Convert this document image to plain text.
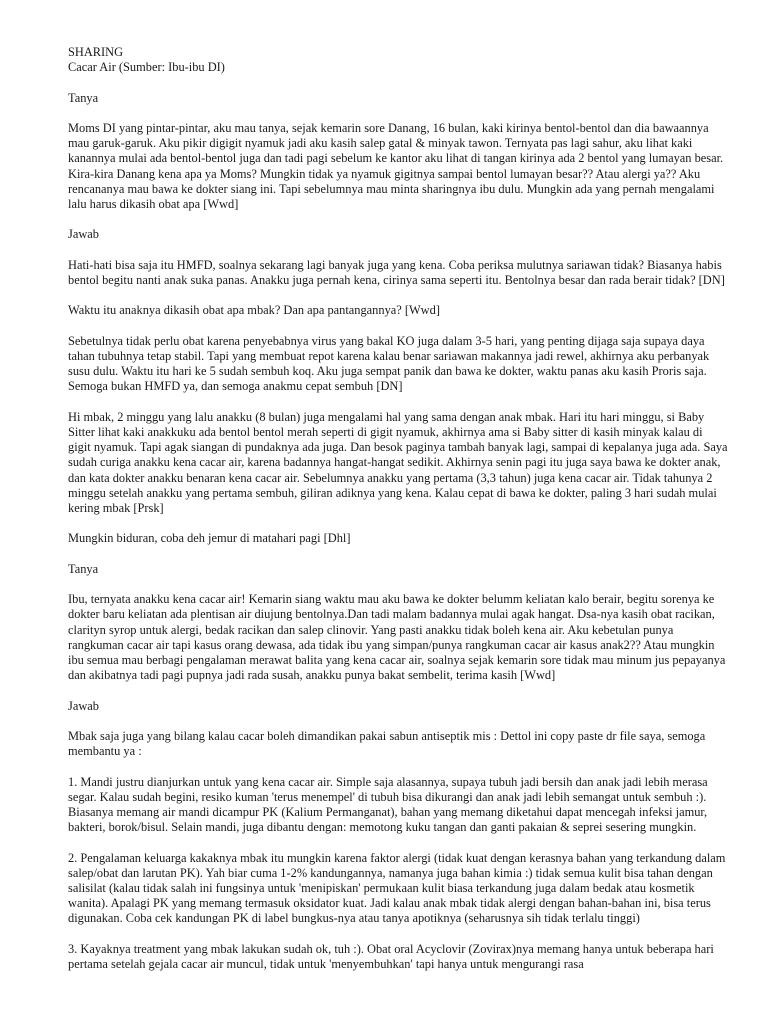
SHARING

Cacar Air (Sumber: Ibu-ibu DI)

Tanya

Moms DI yang pintar-pintar, aku mau tanya, sejak kemarin sore Danang, 16 bulan, kaki kirinya bentol-bentol dan dia bawaannya mau garuk-garuk. Aku pikir digigit nyamuk jadi aku kasih salep gatal & minyak tawon. Ternyata pas lagi sahur, aku lihat kaki kanannya mulai ada bentol-bentol juga dan tadi pagi sebelum ke kantor aku lihat di tangan kirinya ada 2 bentol yang lumayan besar. Kira-kira Danang kena apa ya Moms? Mungkin tidak ya nyamuk gigitnya sampai bentol lumayan besar?? Atau alergi ya?? Aku rencananya mau bawa ke dokter siang ini. Tapi sebelumnya mau minta sharingnya ibu dulu. Mungkin ada yang pernah mengalami lalu harus dikasih obat apa [Wwd]

Jawab

Hati-hati bisa saja itu HMFD, soalnya sekarang lagi banyak juga yang kena. Coba periksa mulutnya sariawan tidak? Biasanya habis bentol begitu nanti anak suka panas. Anakku juga pernah kena, cirinya sama seperti itu. Bentolnya besar dan rada berair tidak? [DN]

Waktu itu anaknya dikasih obat apa mbak? Dan apa pantangannya? [Wwd]

Sebetulnya tidak perlu obat karena penyebabnya virus yang bakal KO juga dalam 3-5 hari, yang penting dijaga saja supaya daya tahan tubuhnya tetap stabil. Tapi yang membuat repot karena kalau benar sariawan makannya jadi rewel, akhirnya aku perbanyak susu dulu. Waktu itu hari ke 5 sudah sembuh koq. Aku juga sempat panik dan bawa ke dokter, waktu panas aku kasih Proris saja. Semoga bukan HMFD ya, dan semoga anakmu cepat sembuh [DN]

Hi mbak, 2 minggu yang lalu anakku (8 bulan) juga mengalami hal yang sama dengan anak mbak. Hari itu hari minggu, si Baby Sitter lihat kaki anakkuku ada bentol bentol merah seperti di gigit nyamuk, akhirnya ama si Baby sitter di kasih minyak kalau di gigit nyamuk. Tapi agak siangan di pundaknya ada juga. Dan besok paginya tambah banyak lagi, sampai di kepalanya juga ada. Saya sudah curiga anakku kena cacar air, karena badannya hangat-hangat sedikit. Akhirnya senin pagi itu juga saya bawa ke dokter anak, dan kata dokter anakku benaran kena cacar air. Sebelumnya anakku yang pertama (3,3 tahun) juga kena cacar air. Tidak tahunya 2 minggu setelah anakku yang pertama sembuh, giliran adiknya yang kena. Kalau cepat di bawa ke dokter, paling 3 hari sudah mulai kering mbak [Prsk]

Mungkin biduran, coba deh jemur di matahari pagi [Dhl]

Tanya

Ibu, ternyata anakku kena cacar air! Kemarin siang waktu mau aku bawa ke dokter belumm keliatan kalo berair, begitu sorenya ke dokter baru keliatan ada plentisan air diujung bentolnya.Dan tadi malam badannya mulai agak hangat. Dsa-nya kasih obat racikan, clarityn syrop untuk alergi, bedak racikan dan salep clinovir. Yang pasti anakku tidak boleh kena air. Aku kebetulan punya rangkuman cacar air tapi kasus orang dewasa, ada tidak ibu yang simpan/punya rangkuman cacar air kasus anak2?? Atau mungkin ibu semua mau berbagi pengalaman merawat balita yang kena cacar air, soalnya sejak kemarin sore tidak mau minum jus pepayanya dan akibatnya tadi pagi pupnya jadi rada susah, anakku punya bakat sembelit, terima kasih [Wwd]

Jawab

Mbak saja juga yang bilang kalau cacar boleh dimandikan pakai sabun antiseptik mis : Dettol ini copy paste dr file saya, semoga membantu ya :

1. Mandi justru dianjurkan untuk yang kena cacar air. Simple saja alasannya, supaya tubuh jadi bersih dan anak jadi lebih merasa segar. Kalau sudah begini, resiko kuman 'terus menempel' di tubuh bisa dikurangi dan anak jadi lebih semangat untuk sembuh :). Biasanya memang air mandi dicampur PK (Kalium Permanganat), bahan yang memang diketahui dapat mencegah infeksi jamur, bakteri, borok/bisul. Selain mandi, juga dibantu dengan: memotong kuku tangan dan ganti pakaian & seprei sesering mungkin.

2. Pengalaman keluarga kakaknya mbak itu mungkin karena faktor alergi (tidak kuat dengan kerasnya bahan yang terkandung dalam salep/obat dan larutan PK). Yah biar cuma 1-2% kandungannya, namanya juga bahan kimia :) tidak semua kulit bisa tahan dengan salisilat (kalau tidak salah ini fungsinya untuk 'menipiskan' permukaan kulit biasa terkandung juga dalam bedak atau kosmetik wanita). Apalagi PK yang memang termasuk oksidator kuat. Jadi kalau anak mbak tidak alergi dengan bahan-bahan ini, bisa terus digunakan. Coba cek kandungan PK di label bungkus-nya atau tanya apotiknya (seharusnya sih tidak terlalu tinggi)

3. Kayaknya treatment yang mbak lakukan sudah ok, tuh :). Obat oral Acyclovir (Zovirax)nya memang hanya untuk beberapa hari pertama setelah gejala cacar air muncul, tidak untuk 'menyembuhkan' tapi hanya untuk mengurangi rasa
